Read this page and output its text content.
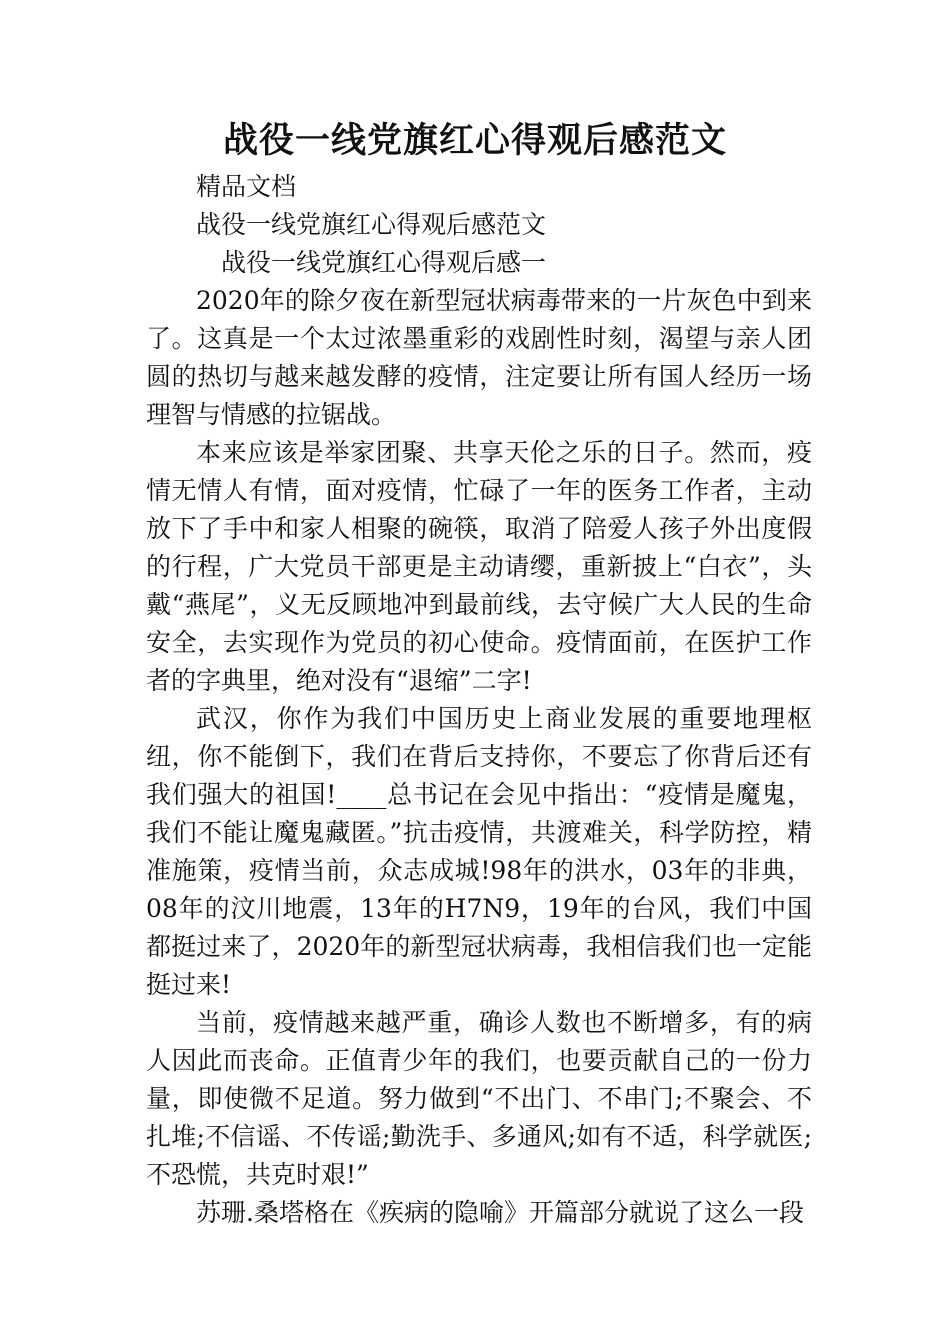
战役一线党旗红心得观后感范文

精品文档

战役一线党旗红心得观后感范文

战役一线党旗红心得观后感一

2020年的除夕夜在新型冠状病毒带来的一片灰色中到来了。这真是一个太过浓墨重彩的戏剧性时刻，渴望与亲人团圆的热切与越来越发酵的疫情，注定要让所有国人经历一场理智与情感的拉锯战。

本来应该是举家团聚、共享天伦之乐的日子。然而，疫情无情人有情，面对疫情，忙碌了一年的医务工作者，主动放下了手中和家人相聚的碗筷，取消了陪爱人孩子外出度假的行程，广大党员干部更是主动请缨，重新披上“白衣”，头戴“燕尾”，义无反顾地冲到最前线，去守候广大人民的生命安全，去实现作为党员的初心使命。疫情面前，在医护工作者的字典里，绝对没有“退缩”二字!

武汉，你作为我们中国历史上商业发展的重要地理枢纽，你不能倒下，我们在背后支持你，不要忘了你背后还有我们强大的祖国!____总书记在会见中指出：“疫情是魔鬼，我们不能让魔鬼藏匿。”抗击疫情，共渡难关，科学防控，精准施策，疫情当前，众志成城!98年的洪水，03年的非典，08年的汶川地震，13年的H7N9，19年的台风，我们中国都挺过来了，2020年的新型冠状病毒，我相信我们也一定能挺过来!

当前，疫情越来越严重，确诊人数也不断增多，有的病人因此而丧命。正值青少年的我们，也要贡献自己的一份力量，即使微不足道。努力做到“不出门、不串门;不聚会、不扎堆;不信谣、不传谣;勤洗手、多通风;如有不适，科学就医;不恐慌，共克时艰!”

苏珊.桑塔格在《疾病的隐喻》开篇部分就说了这么一段
